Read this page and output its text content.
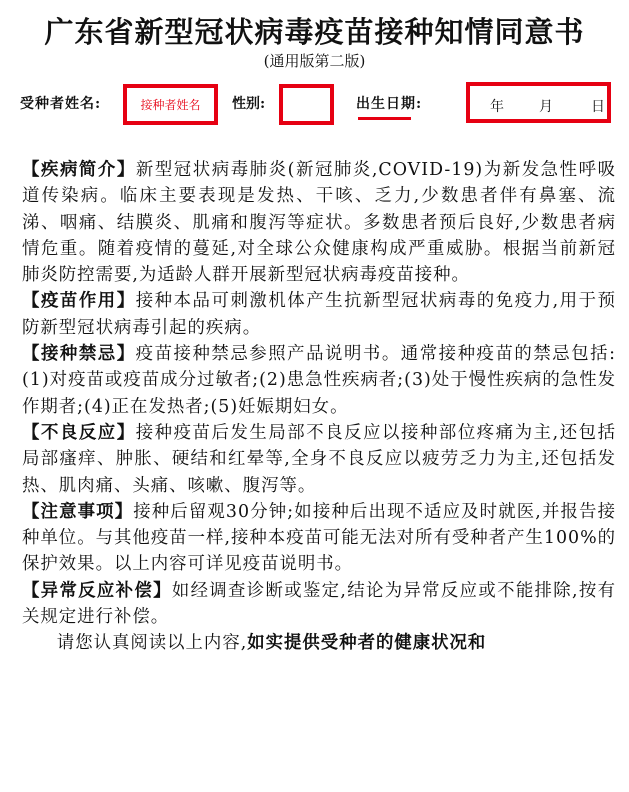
广东省新型冠状病毒疫苗接种知情同意书
(通用版第二版)
受种者姓名:	接种者姓名 性别:	出生日期:	年	月	日

【疾病简介】新型冠状病毒肺炎(新冠肺炎,COVID-19)为新发急性呼吸道传染病。临床主要表现是发热、干咳、乏力,少数患者伴有鼻塞、流涕、咽痛、结膜炎、肌痛和腹泻等症状。多数患者预后良好,少数患者病情危重。随着疫情的蔓延,对全球公众健康构成严重威胁。根据当前新冠肺炎防控需要,为适龄人群开展新型冠状病毒疫苗接种。

【疫苗作用】接种本品可刺激机体产生抗新型冠状病毒的免疫力,用于预防新型冠状病毒引起的疾病。

【接种禁忌】疫苗接种禁忌参照产品说明书。通常接种疫苗的禁忌包括:(1)对疫苗或疫苗成分过敏者;(2)患急性疾病者;(3)处于慢性疾病的急性发作期者;(4)正在发热者;(5)妊娠期妇女。

【不良反应】接种疫苗后发生局部不良反应以接种部位疼痛为主,还包括局部瘙痒、肿胀、硬结和红晕等,全身不良反应以疲劳乏力为主,还包括发热、肌肉痛、头痛、咳嗽、腹泻等。

【注意事项】接种后留观30分钟;如接种后出现不适应及时就医,并报告接种单位。与其他疫苗一样,接种本疫苗可能无法对所有受种者产生100%的保护效果。以上内容可详见疫苗说明书。

【异常反应补偿】如经调查诊断或鉴定,结论为异常反应或不能排除,按有关规定进行补偿。

请您认真阅读以上内容,如实提供受种者的健康状况和
